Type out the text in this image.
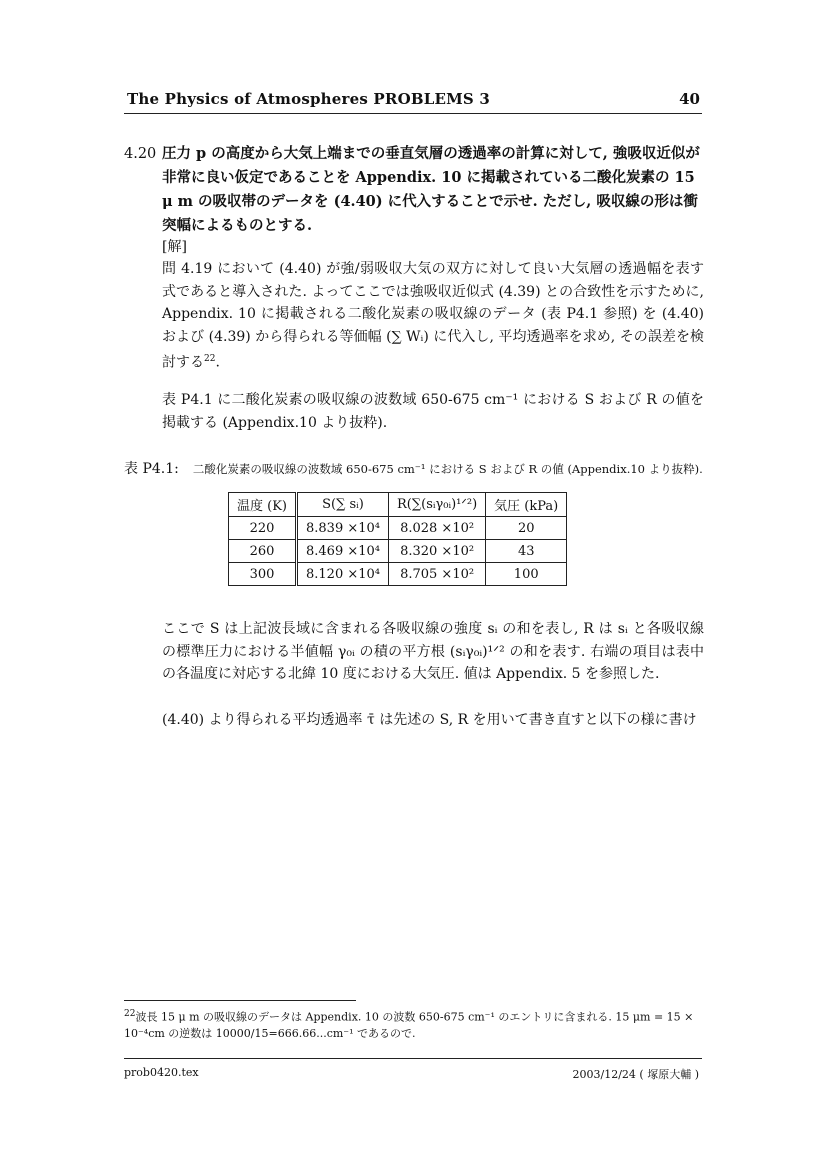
The Physics of Atmospheres PROBLEMS 3	40
4.20 圧力 p の高度から大気上端までの垂直気層の透過率の計算に対して, 強吸収近似が非常に良い仮定であることを Appendix. 10 に掲載されている二酸化炭素の 15 μ m の吸収帯のデータを (4.40) に代入することで示せ. ただし, 吸収線の形は衝突幅によるものとする.
[解]
問 4.19 において (4.40) が強/弱吸収大気の双方に対して良い大気層の透過幅を表す式であると導入された. よってここでは強吸収近似式 (4.39) との合致性を示すために, Appendix. 10 に掲載される二酸化炭素の吸収線のデータ (表 P4.1 参照) を (4.40) および (4.39) から得られる等価幅 (∑ Wᵢ) に代入し, 平均透過率を求め, その誤差を検討する$^{22}$.
表 P4.1 に二酸化炭素の吸収線の波数域 650-675 cm⁻¹ における S および R の値を掲載する (Appendix.10 より抜粋).
表 P4.1: 二酸化炭素の吸収線の波数域 650-675 cm⁻¹ における S および R の値 (Appendix.10 より抜粋).
温度 (K)	S(∑ sᵢ)	R(∑(sᵢγ₀ᵢ)¹ᐟ²)	気圧 (kPa)
220	8.839 ×10⁴	8.028 ×10²	20
260	8.469 ×10⁴	8.320 ×10²	43
300	8.120 ×10⁴	8.705 ×10²	100
ここで S は上記波長域に含まれる各吸収線の強度 sᵢ の和を表し, R は sᵢ と各吸収線の標準圧力における半値幅 γ₀ᵢ の積の平方根 (sᵢγ₀ᵢ)¹ᐟ² の和を表す. 右端の項目は表中の各温度に対応する北緯 10 度における大気圧. 値は Appendix. 5 を参照した.
(4.40) より得られる平均透過率 τ̄ は先述の S, R を用いて書き直すと以下の様に書け
$^{22}$波長 15 μ m の吸収線のデータは Appendix. 10 の波数 650-675 cm⁻¹ のエントリに含まれる. 15 μm = 15 × 10⁻⁴cm の逆数は 10000/15=666.66...cm⁻¹ であるので.
prob0420.tex	2003/12/24 ( 塚原大輔 )
